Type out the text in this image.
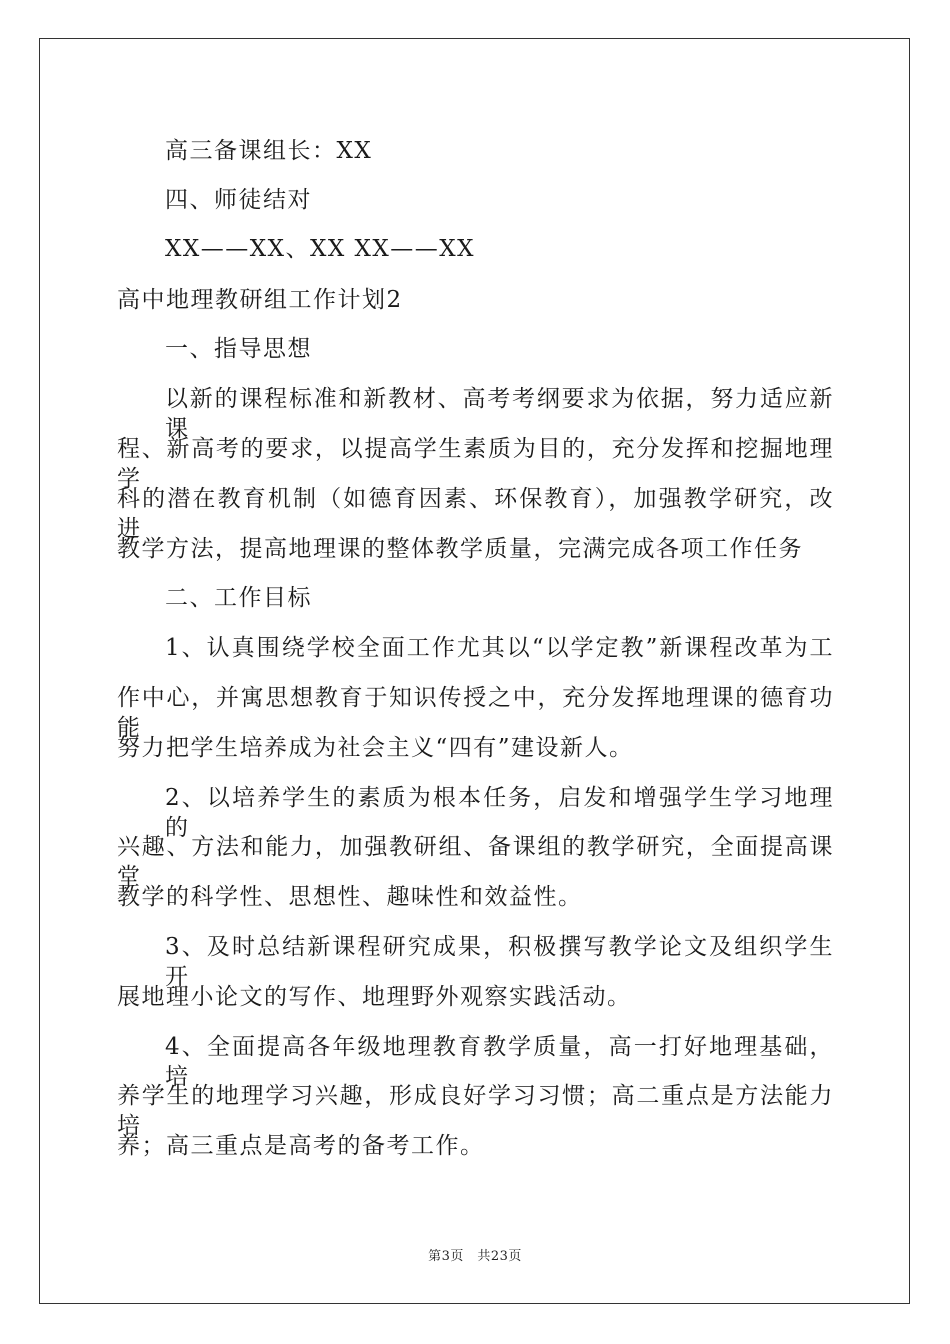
高三备课组长：XX
四、师徒结对
XX——XX、XX XX——XX
高中地理教研组工作计划2
一、指导思想
以新的课程标准和新教材、高考考纲要求为依据，努力适应新课
程、新高考的要求，以提高学生素质为目的，充分发挥和挖掘地理学
科的潜在教育机制（如德育因素、环保教育），加强教学研究，改进
教学方法，提高地理课的整体教学质量，完满完成各项工作任务
二、工作目标
1、认真围绕学校全面工作尤其以“以学定教”新课程改革为工
作中心，并寓思想教育于知识传授之中，充分发挥地理课的德育功能
努力把学生培养成为社会主义“四有”建设新人。
2、以培养学生的素质为根本任务，启发和增强学生学习地理的
兴趣、方法和能力，加强教研组、备课组的教学研究，全面提高课堂
教学的科学性、思想性、趣味性和效益性。
3、及时总结新课程研究成果，积极撰写教学论文及组织学生开
展地理小论文的写作、地理野外观察实践活动。
4、全面提高各年级地理教育教学质量，高一打好地理基础，培
养学生的地理学习兴趣，形成良好学习习惯；高二重点是方法能力培
养；高三重点是高考的备考工作。
第3页　共23页
